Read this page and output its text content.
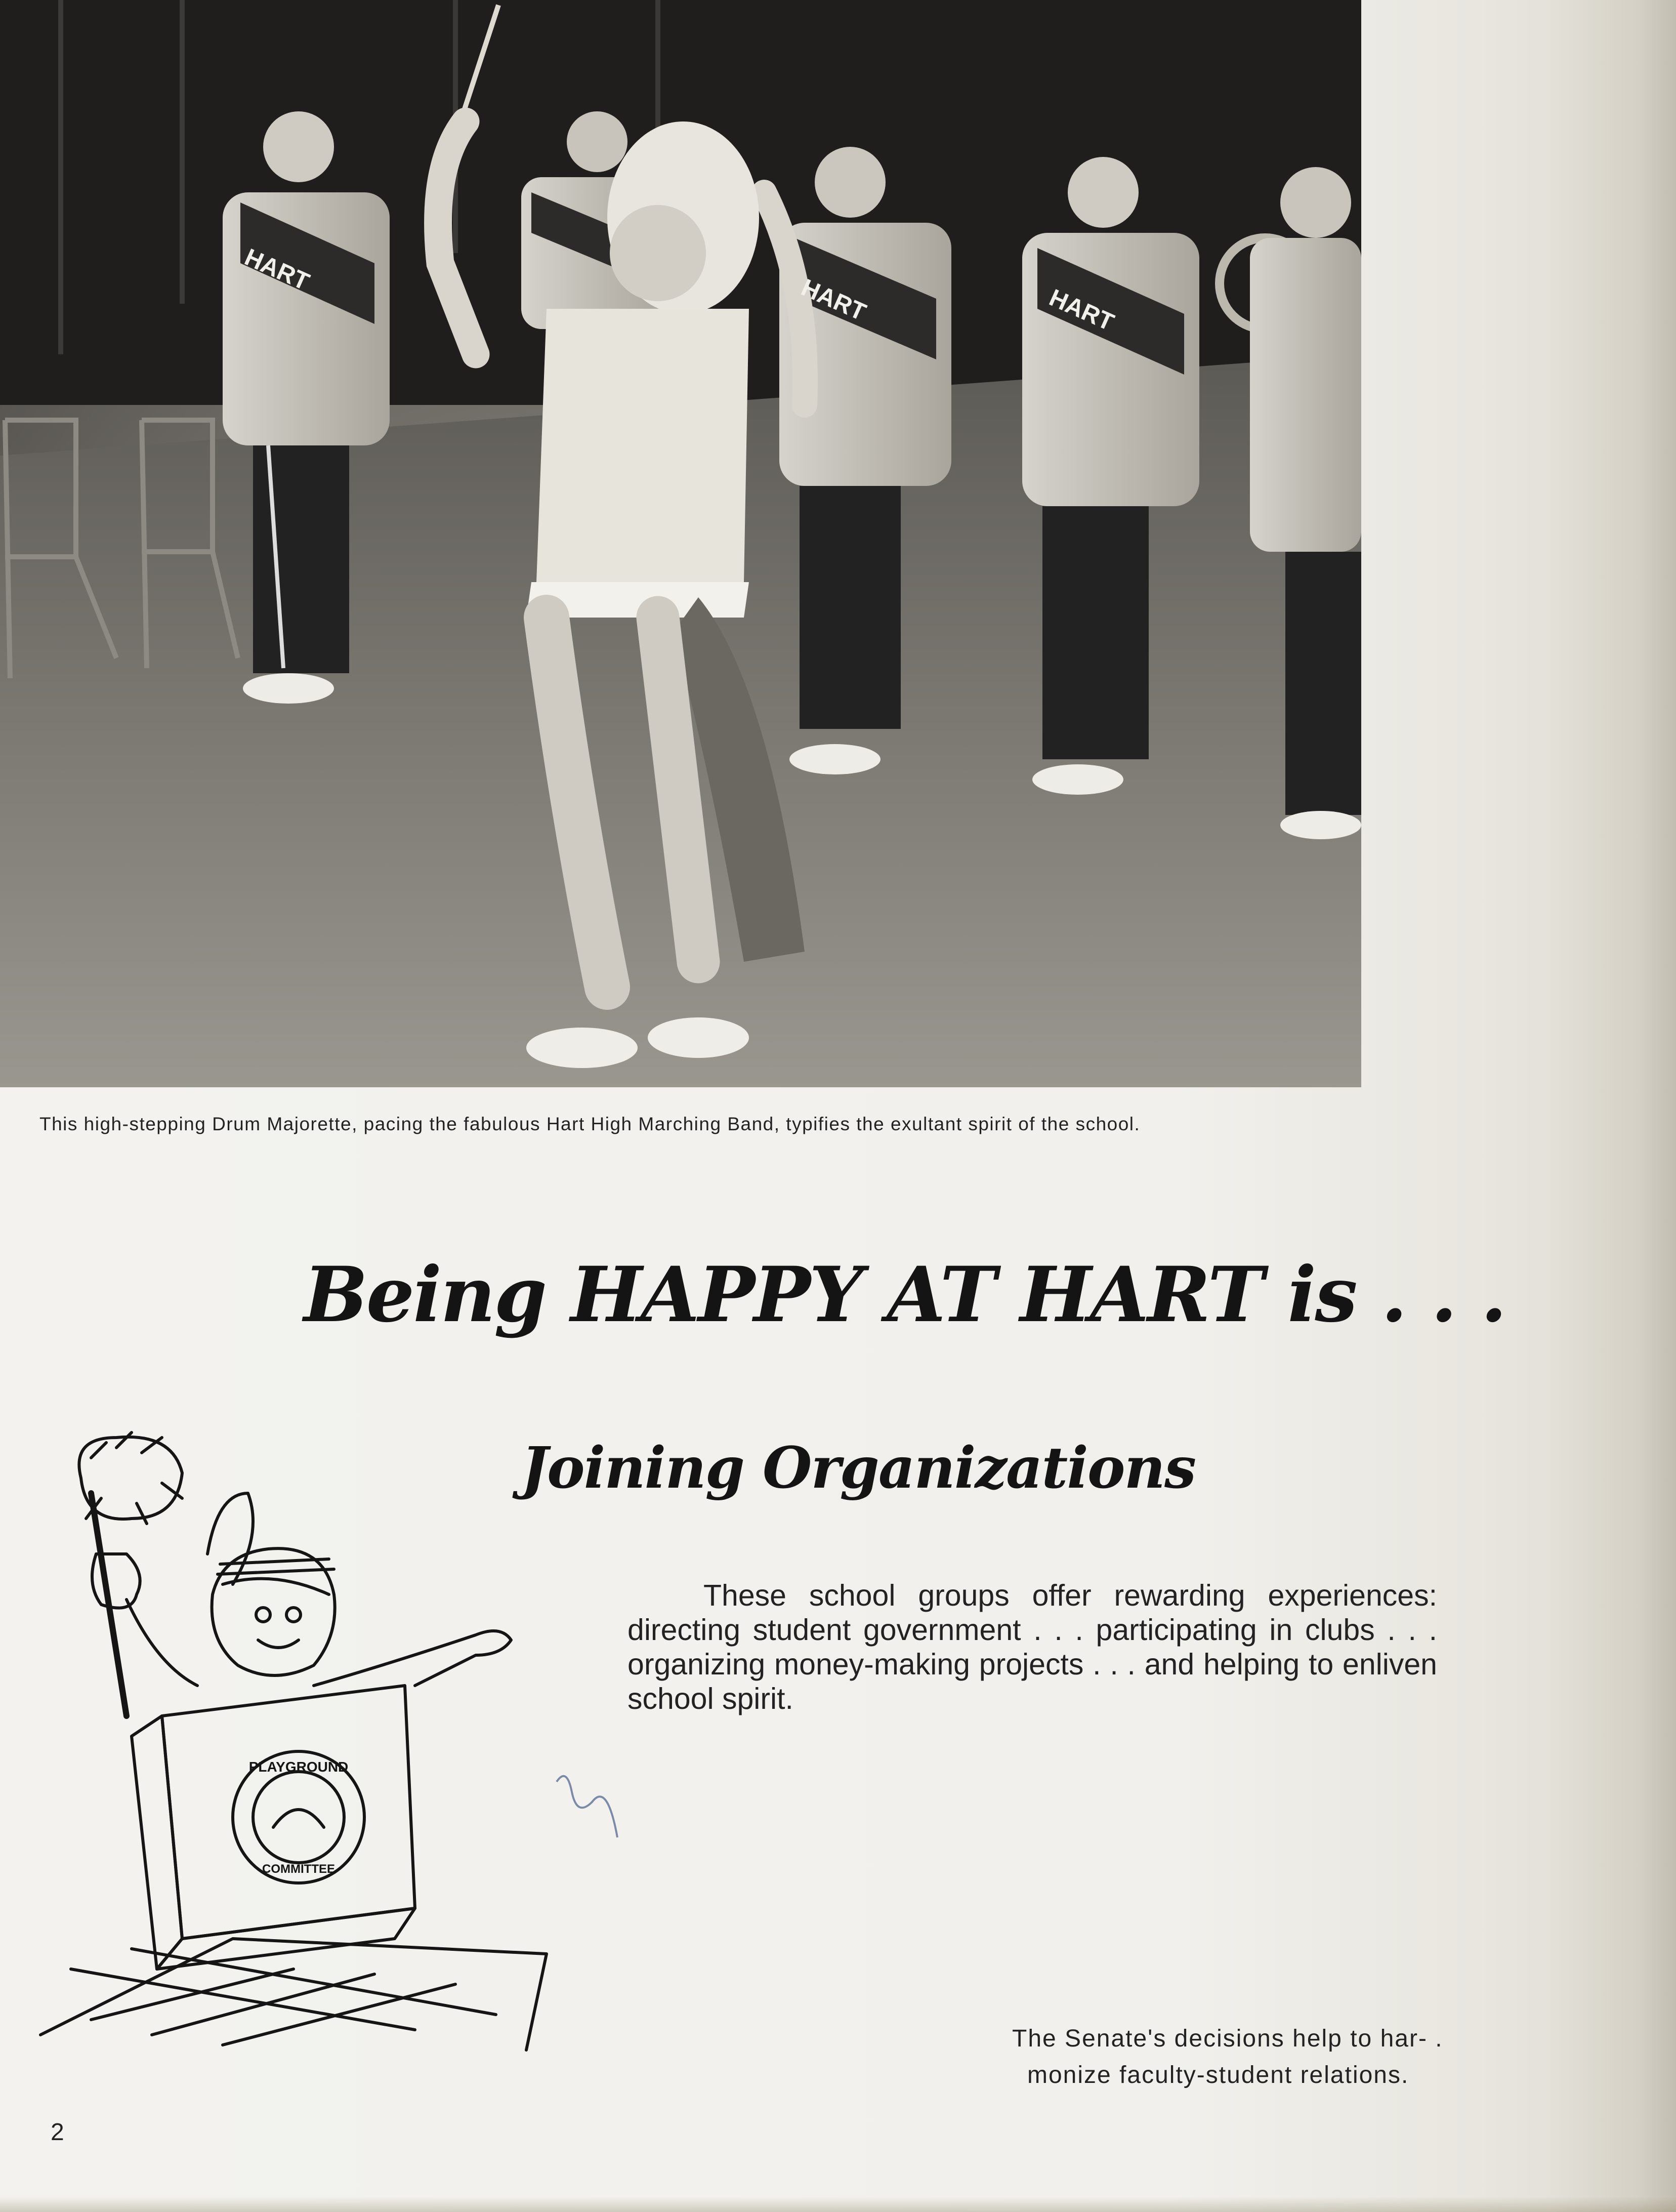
HART
HART	HART
This high-stepping Drum Majorette, pacing the fabulous Hart High Marching Band, typifies the exultant spirit of the school.
Being HAPPY AT HART is . . .
Joining Organizations
These school groups offer rewarding experiences: directing student government . . . participating in clubs . . . organizing money-making projects . . . and helping to enliven school spirit.
PLAYGROUND
COMMITTEE
The Senate's decisions help to har- .
monize faculty-student relations.
2
